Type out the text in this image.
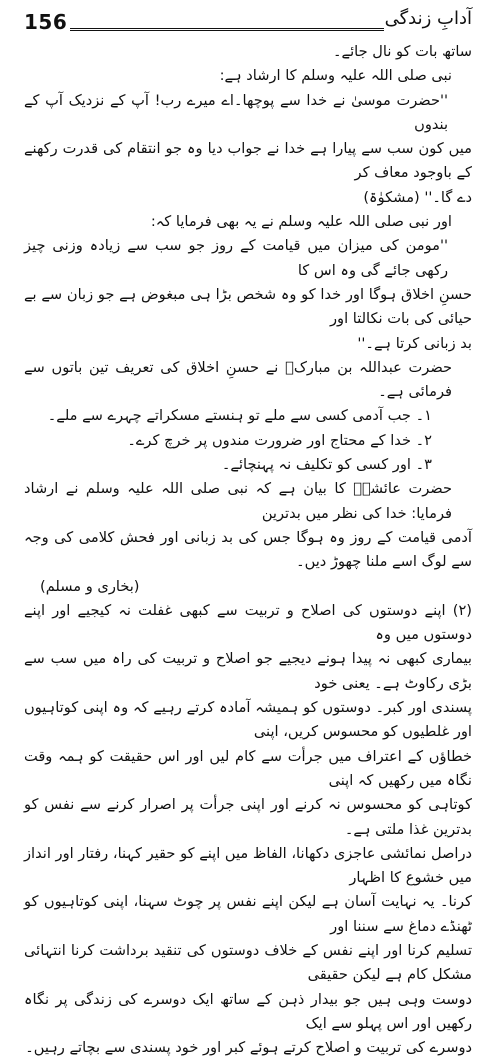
156	آدابِ زندگی

ساتھ بات کو نال جائے۔

نبی صلی اللہ علیہ وسلم کا ارشاد ہے:

''حضرت موسیٰ نے خدا سے پوچھا۔اے میرے رب! آپ کے نزدیک آپ کے بندوں

میں کون سب سے پیارا ہے خدا نے جواب دیا وہ جو انتقام کی قدرت رکھنے کے باوجود معاف کر

دے گا۔'' (مشکوٰۃ)

اور نبی صلی اللہ علیہ وسلم نے یہ بھی فرمایا کہ:

''مومن کی میزان میں قیامت کے روز جو سب سے زیادہ وزنی چیز رکھی جائے گی وہ اس کا

حسنِ اخلاق ہوگا اور خدا کو وہ شخص بڑا ہی مبغوض ہے جو زبان سے بے حیائی کی بات نکالتا اور

بد زبانی کرتا ہے۔''

حضرت عبداللہ بن مبارکؒ نے حسنِ اخلاق کی تعریف تین باتوں سے فرمائی ہے۔

۱۔ جب آدمی کسی سے ملے تو ہنستے مسکراتے چہرے سے ملے۔

۲۔ خدا کے محتاج اور ضرورت مندوں پر خرچ کرے۔

۳۔ اور کسی کو تکلیف نہ پہنچائے۔

حضرت عائشہؓ کا بیان ہے کہ نبی صلی اللہ علیہ وسلم نے ارشاد فرمایا: خدا کی نظر میں بدترین

آدمی قیامت کے روز وہ ہوگا جس کی بد زبانی اور فحش کلامی کی وجہ سے لوگ اسے ملنا چھوڑ دیں۔

(بخاری و مسلم)

(۲) اپنے دوستوں کی اصلاح و تربیت سے کبھی غفلت نہ کیجیے اور اپنے دوستوں میں وہ

بیماری کبھی نہ پیدا ہونے دیجیے جو اصلاح و تربیت کی راہ میں سب سے بڑی رکاوٹ ہے۔ یعنی خود

پسندی اور کبر۔ دوستوں کو ہمیشہ آمادہ کرتے رہیے کہ وہ اپنی کوتاہیوں اور غلطیوں کو محسوس کریں، اپنی

خطاؤں کے اعتراف میں جرأت سے کام لیں اور اس حقیقت کو ہمہ وقت نگاہ میں رکھیں کہ اپنی

کوتاہی کو محسوس نہ کرنے اور اپنی جرأت پر اصرار کرنے سے نفس کو بدترین غذا ملتی ہے۔

دراصل نمائشی عاجزی دکھانا، الفاظ میں اپنے کو حقیر کہنا، رفتار اور انداز میں خشوع کا اظہار

کرنا۔ یہ نہایت آسان ہے لیکن اپنے نفس پر چوٹ سہنا، اپنی کوتاہیوں کو ٹھنڈے دماغ سے سننا اور

تسلیم کرنا اور اپنے نفس کے خلاف دوستوں کی تنقید برداشت کرنا انتہائی مشکل کام ہے لیکن حقیقی

دوست وہی ہیں جو بیدار ذہن کے ساتھ ایک دوسرے کی زندگی پر نگاہ رکھیں اور اس پہلو سے ایک

دوسرے کی تربیت و اصلاح کرتے ہوئے کبر اور خود پسندی سے بچاتے رہیں۔
